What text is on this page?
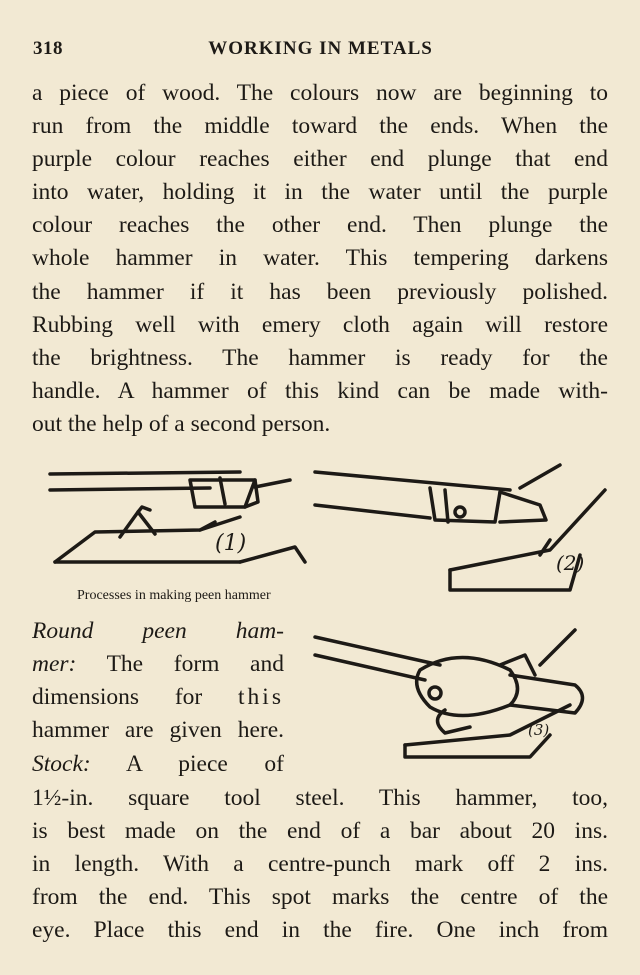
318	WORKING IN METALS
a piece of wood. The colours now are beginning to
run from the middle toward the ends. When the
purple colour reaches either end plunge that end
into water, holding it in the water until the purple
colour reaches the other end. Then plunge the
whole hammer in water. This tempering darkens
the hammer if it has been previously polished.
Rubbing well with emery cloth again will restore
the brightness. The hammer is ready for the
handle. A hammer of this kind can be made with-
out the help of a second person.
(1)
(2)
Processes in making peen hammer
(3)
Round peen ham-
mer: The form and
dimensions for this
hammer are given here.
Stock: A piece of
1½-in. square tool steel. This hammer, too,
is best made on the end of a bar about 20 ins.
in length. With a centre-punch mark off 2 ins.
from the end. This spot marks the centre of the
eye. Place this end in the fire. One inch from
